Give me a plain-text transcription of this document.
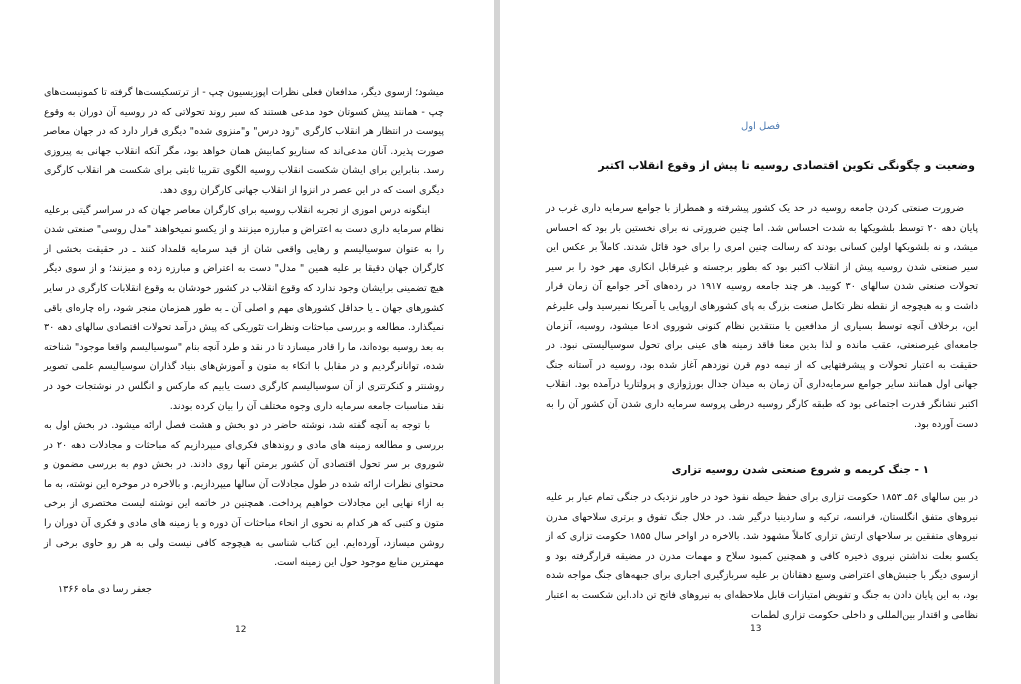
میشود؛ ازسوی دیگر، مدافعان فعلی نظرات اپوزیسیون چپ - از ترتسکیست‌ها گرفته تا کمونیست‌های چپ - همانند پیش کسوتان خود مدعی هستند که سیر روند تحولاتی که در روسیه آن دوران به وقوع پیوست در انتظار هر انقلاب کارگری "زود درس" و"منزوی شده" دیگری قرار دارد که در جهان معاصر صورت پذیرد. آنان مدعی‌اند که سناریو کمابیش همان خواهد بود، مگر آنکه انقلاب جهانی به پیروزی رسد. بنابراین برای ایشان شکست انقلاب روسیه الگوی تقریبا ثابتی برای شکست هر انقلاب کارگری دیگری است که در این عصر در انزوا از انقلاب جهانی کارگران روی دهد.

اینگونه درس اموزی از تجربه انقلاب روسیه برای کارگران معاصر جهان که در سراسر گیتی برعلیه نظام سرمایه داری دست به اعتراض و مبارزه میزنند و از یکسو نمیخواهند "مدل روسی" صنعتی شدن را به عنوان سوسیالیسم و رهایی واقعی شان از قید سرمایه قلمداد کنند ـ در حقیقت بخشی از کارگران جهان دقیقا بر علیه همین " مدل" دست به اعتراض و مبارزه زده و میزنند؛ و از سوی دیگر هیچ تضمینی برایشان وجود ندارد که وقوع انقلاب در کشور خودشان به وقوع انقلابات کارگری در سایر کشورهای جهان ـ یا حداقل کشورهای مهم و اصلی آن ـ به طور همزمان منجر شود، راه چاره‌ای باقی نمیگذارد. مطالعه و بررسی مباحثات ونظرات تئوریکی که پیش درآمد تحولات اقتصادی سالهای دهه ۳۰ به بعد روسیه بوده‌اند، ما را قادر میسازد تا در نقد و طرد آنچه بنام "سوسیالیسم واقعا موجود" شناخته شده، توانانرگردیم و در مقابل با اتکاء به متون و آموزش‌های بنیاد گذاران سوسیالیسم علمی تصویر روشنتر و کنکرتتری از آن سوسیالیسم کارگری دست یابیم که مارکس و انگلس در نوشتجات خود در نقد مناسبات جامعه سرمایه داری وجوه مختلف آن را بیان کرده بودند.

با توجه به آنچه گفته شد، نوشته حاضر در دو بخش و هشت فصل ارائه میشود. در بخش اول به بررسی و مطالعه زمینه های مادی و روندهای فکری‌ای میپردازیم که مباحثات و مجادلات دهه ۲۰ در شوروی بر سر تحول اقتصادی آن کشور برمتن آنها روی دادند. در بخش دوم به بررسی مضمون و محتوای نظرات ارائه شده در طول مجادلات آن سالها میپردازیم. و بالاخره در موخره این نوشته، به ما به ازاء نهایی این مجادلات خواهیم پرداخت. همچنین در خاتمه این نوشته لیست مختصری از برخی متون و کتبی که هر کدام به نحوی از انحاء مباحثات آن دوره و یا زمینه های مادی و فکری آن دوران را روشن میسازد، آورده‌ایم. این کتاب شناسی به هیچوجه کافی نیست ولی به هر رو حاوی برخی از مهمترین منابع موجود حول این زمینه است.

جعفر رسا دی ماه ۱۳۶۶
12
فصل اول
وضعیت و چگونگی تکوین اقتصادی روسیه تا پیش از وقوع انقلاب اکتبر

ضرورت صنعتی کردن جامعه روسیه در حد یک کشور پیشرفته و همطراز با جوامع سرمایه داری غرب در پایان دهه ۲۰ توسط بلشویکها به شدت احساس شد. اما چنین ضرورتی نه برای نخستین بار بود که احساس میشد، و نه بلشویکها اولین کسانی بودند که رسالت چنین امری را برای خود قائل شدند. کاملاً بر عکس این سیر صنعتی شدن روسیه پیش از انقلاب اکتبر بود که بطور برجسته و غیرقابل انکاری مهر خود را بر سیر تحولات صنعتی شدن سالهای ۳۰ کوبید. هر چند جامعه روسیه ۱۹۱۷ در رده‌های آخر جوامع آن زمان قرار داشت و به هیچوجه از نقطه نظر تکامل صنعت بزرگ به پای کشورهای اروپایی یا آمریکا نمیرسید ولی علیرغم این، برخلاف آنچه توسط بسیاری از مدافعین یا منتقدین نظام کنونی شوروی ادعا میشود، روسیه، آنزمان جامعه‌ای غیرصنعتی، عقب مانده و لذا بدین معنا فاقد زمینه های عینی برای تحول سوسیالیستی نبود. در حقیقت به اعتبار تحولات و پیشرفتهایی که از نیمه دوم قرن نوزدهم آغاز شده بود، روسیه در آستانه جنگ جهانی اول همانند سایر جوامع سرمایه‌داری آن زمان به میدان جدال بورژوازی و پرولتاریا درآمده بود. انقلاب اکتبر نشانگر قدرت اجتماعی بود که طبقه کارگر روسیه درطی پروسه سرمایه داری شدن آن کشور آن را به دست آورده بود.

۱ - جنگ کریمه و شروع صنعتی شدن روسیه تزاری

در بین سالهای ۵۶ـ ۱۸۵۳ حکومت تزاری برای حفظ حیطه نفوذ خود در خاور نزدیک در جنگی تمام عیار بر علیه نیروهای متفق انگلستان، فرانسه، ترکیه و ساردینیا درگیر شد. در خلال جنگ تفوق و برتری سلاحهای مدرن نیروهای متفقین بر سلاحهای ارتش تزاری کاملاً مشهود شد. بالاخره در اواخر سال ۱۸۵۵ حکومت تزاری که از یکسو بعلت نداشتن نیروی ذخیره کافی و همچنین کمبود سلاح و مهمات مدرن در مضیقه قرارگرفته بود و ازسوی دیگر با جنبش‌های اعتراضی وسیع دهقانان بر علیه سربازگیری اجباری برای جبهه‌های جنگ مواجه شده بود، به این پایان دادن به جنگ و تفویض امتیازات قابل ملاحظه‌ای به نیروهای فاتح تن داد.این شکست به اعتبار نظامی و اقتدار بین‌المللی و داخلی حکومت تزاری لطمات

13
